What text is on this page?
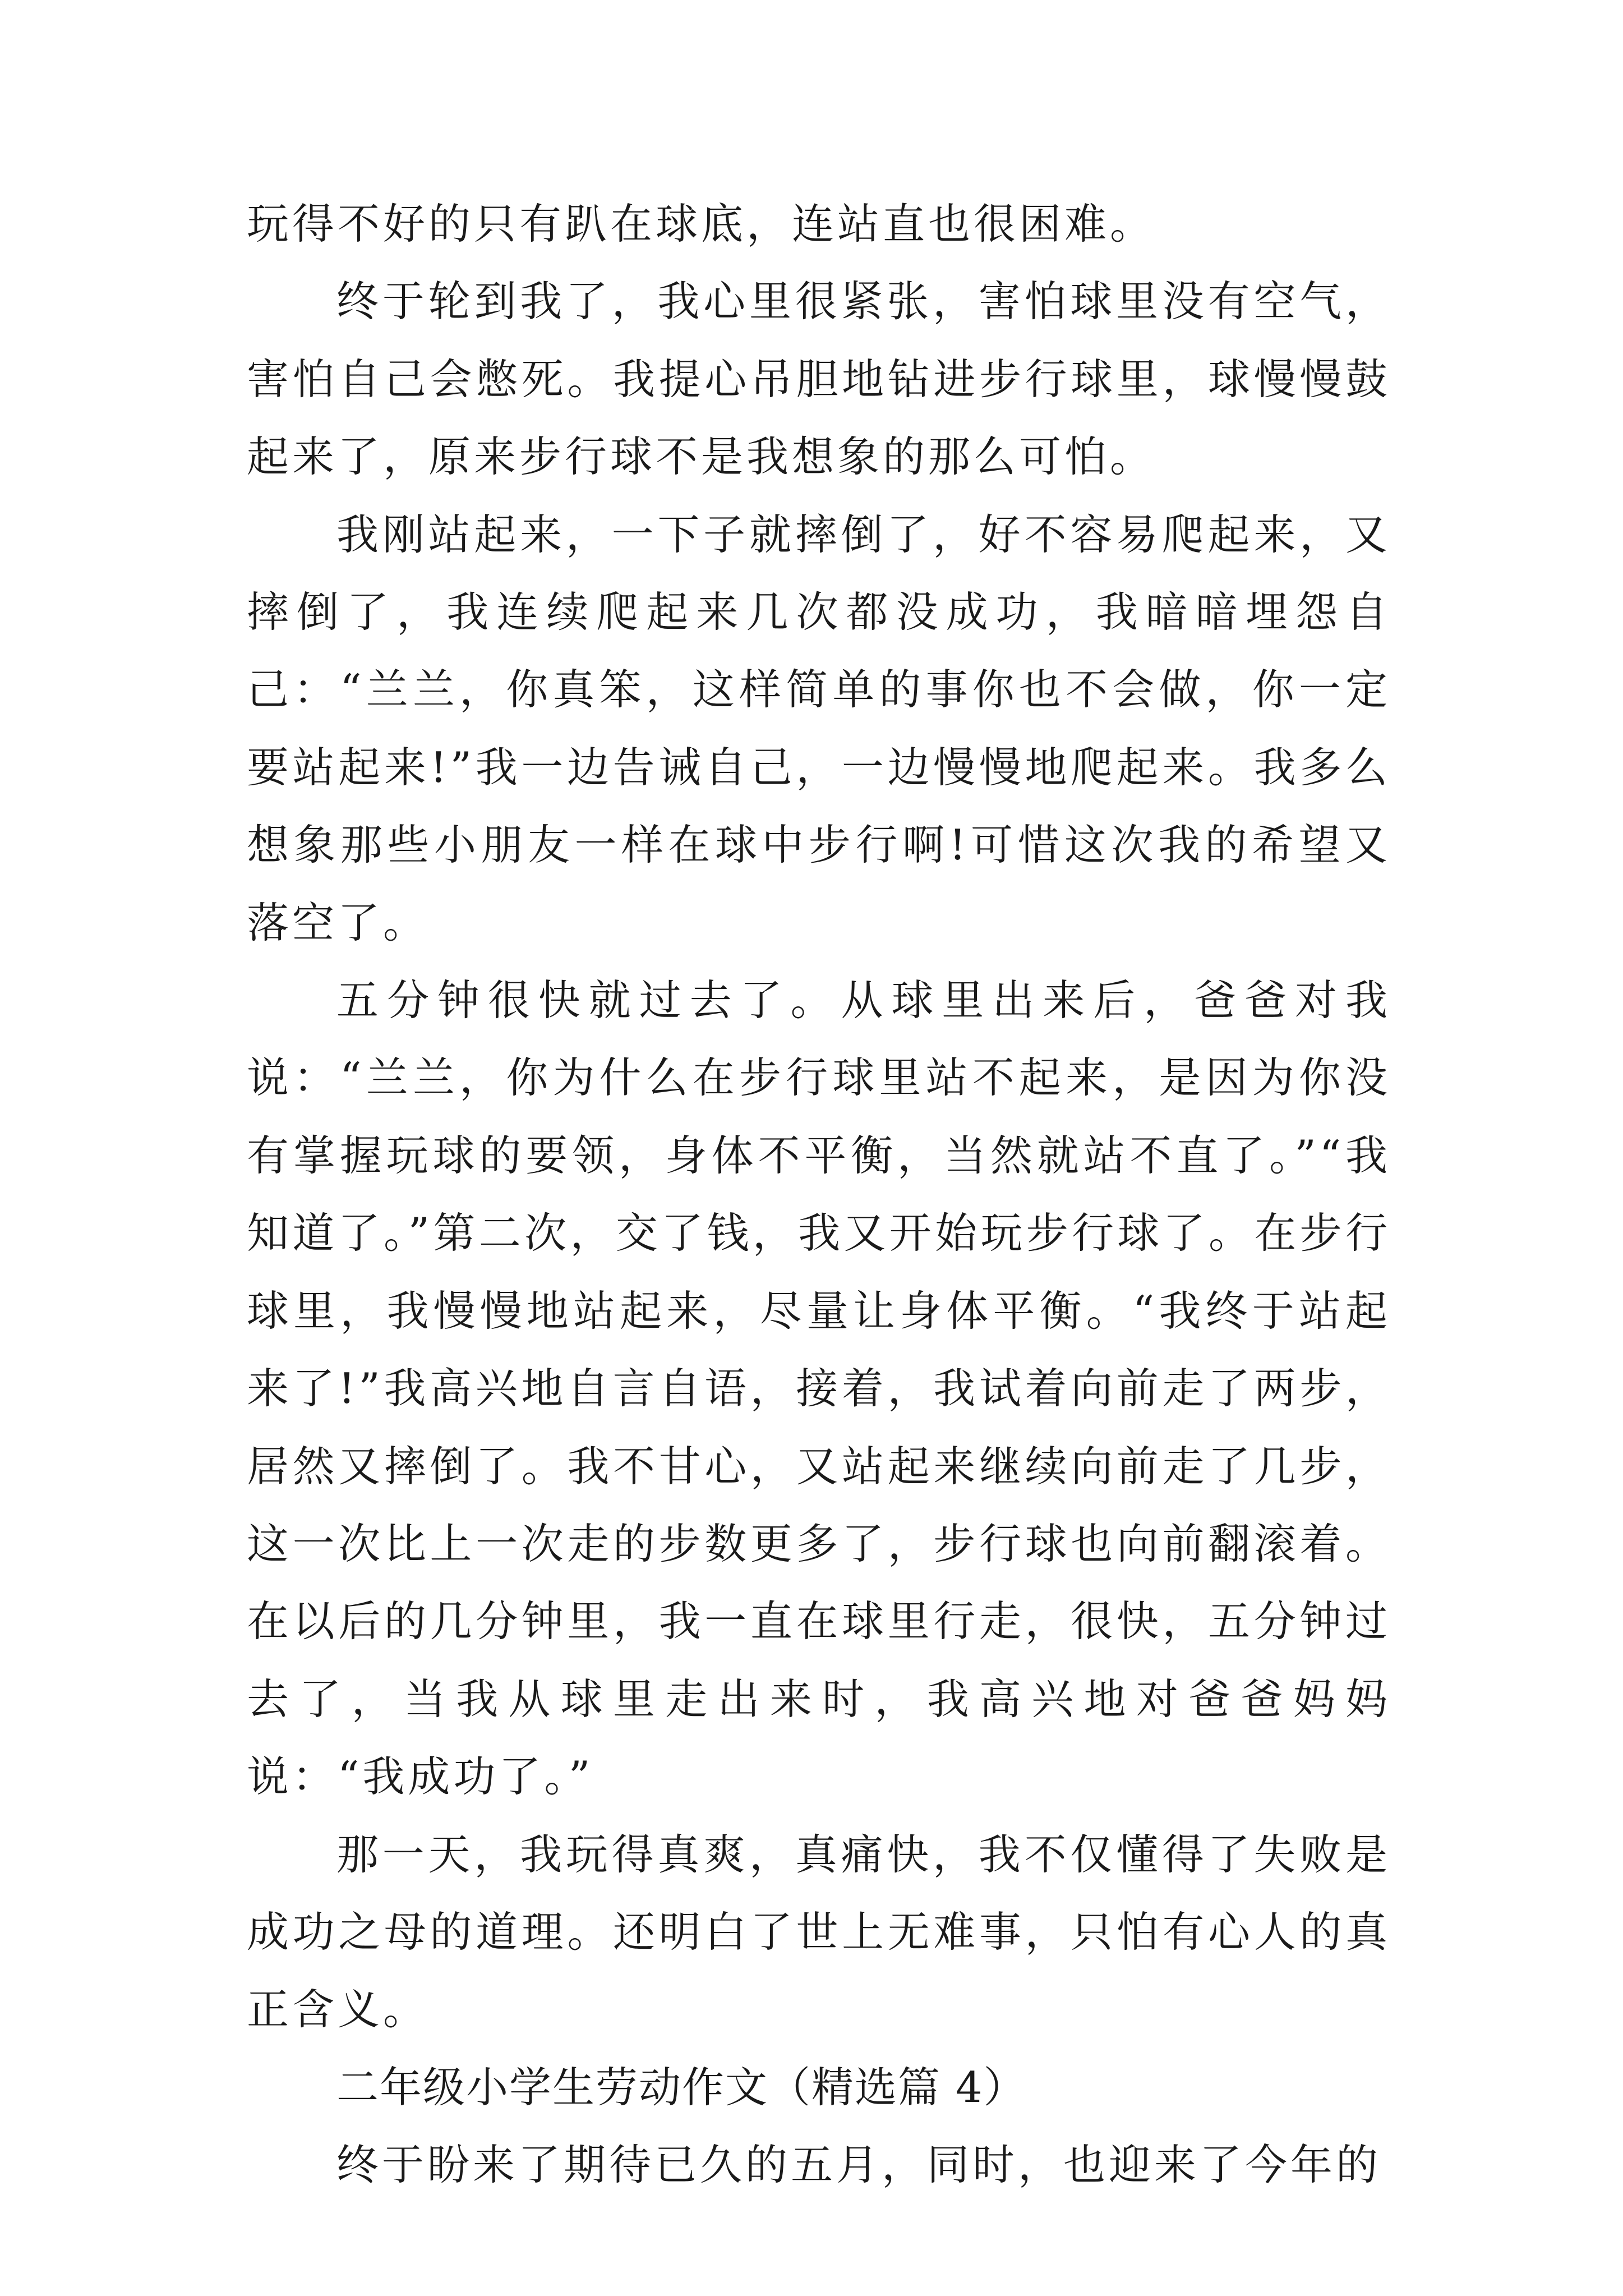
玩得不好的只有趴在球底，连站直也很困难。

终于轮到我了，我心里很紧张，害怕球里没有空气，害怕自己会憋死。我提心吊胆地钻进步行球里，球慢慢鼓起来了，原来步行球不是我想象的那么可怕。

我刚站起来，一下子就摔倒了，好不容易爬起来，又摔倒了，我连续爬起来几次都没成功，我暗暗埋怨自己：“兰兰，你真笨，这样简单的事你也不会做，你一定要站起来!”我一边告诫自己，一边慢慢地爬起来。我多么想象那些小朋友一样在球中步行啊!可惜这次我的希望又落空了。

五分钟很快就过去了。从球里出来后，爸爸对我说：“兰兰，你为什么在步行球里站不起来，是因为你没有掌握玩球的要领，身体不平衡，当然就站不直了。”“我知道了。”第二次，交了钱，我又开始玩步行球了。在步行球里，我慢慢地站起来，尽量让身体平衡。“我终于站起来了!”我高兴地自言自语，接着，我试着向前走了两步，居然又摔倒了。我不甘心，又站起来继续向前走了几步，这一次比上一次走的步数更多了，步行球也向前翻滚着。在以后的几分钟里，我一直在球里行走，很快，五分钟过去了，当我从球里走出来时，我高兴地对爸爸妈妈说：“我成功了。”

那一天，我玩得真爽，真痛快，我不仅懂得了失败是成功之母的道理。还明白了世上无难事，只怕有心人的真正含义。

二年级小学生劳动作文（精选篇 4）

终于盼来了期待已久的五月，同时，也迎来了今年的
